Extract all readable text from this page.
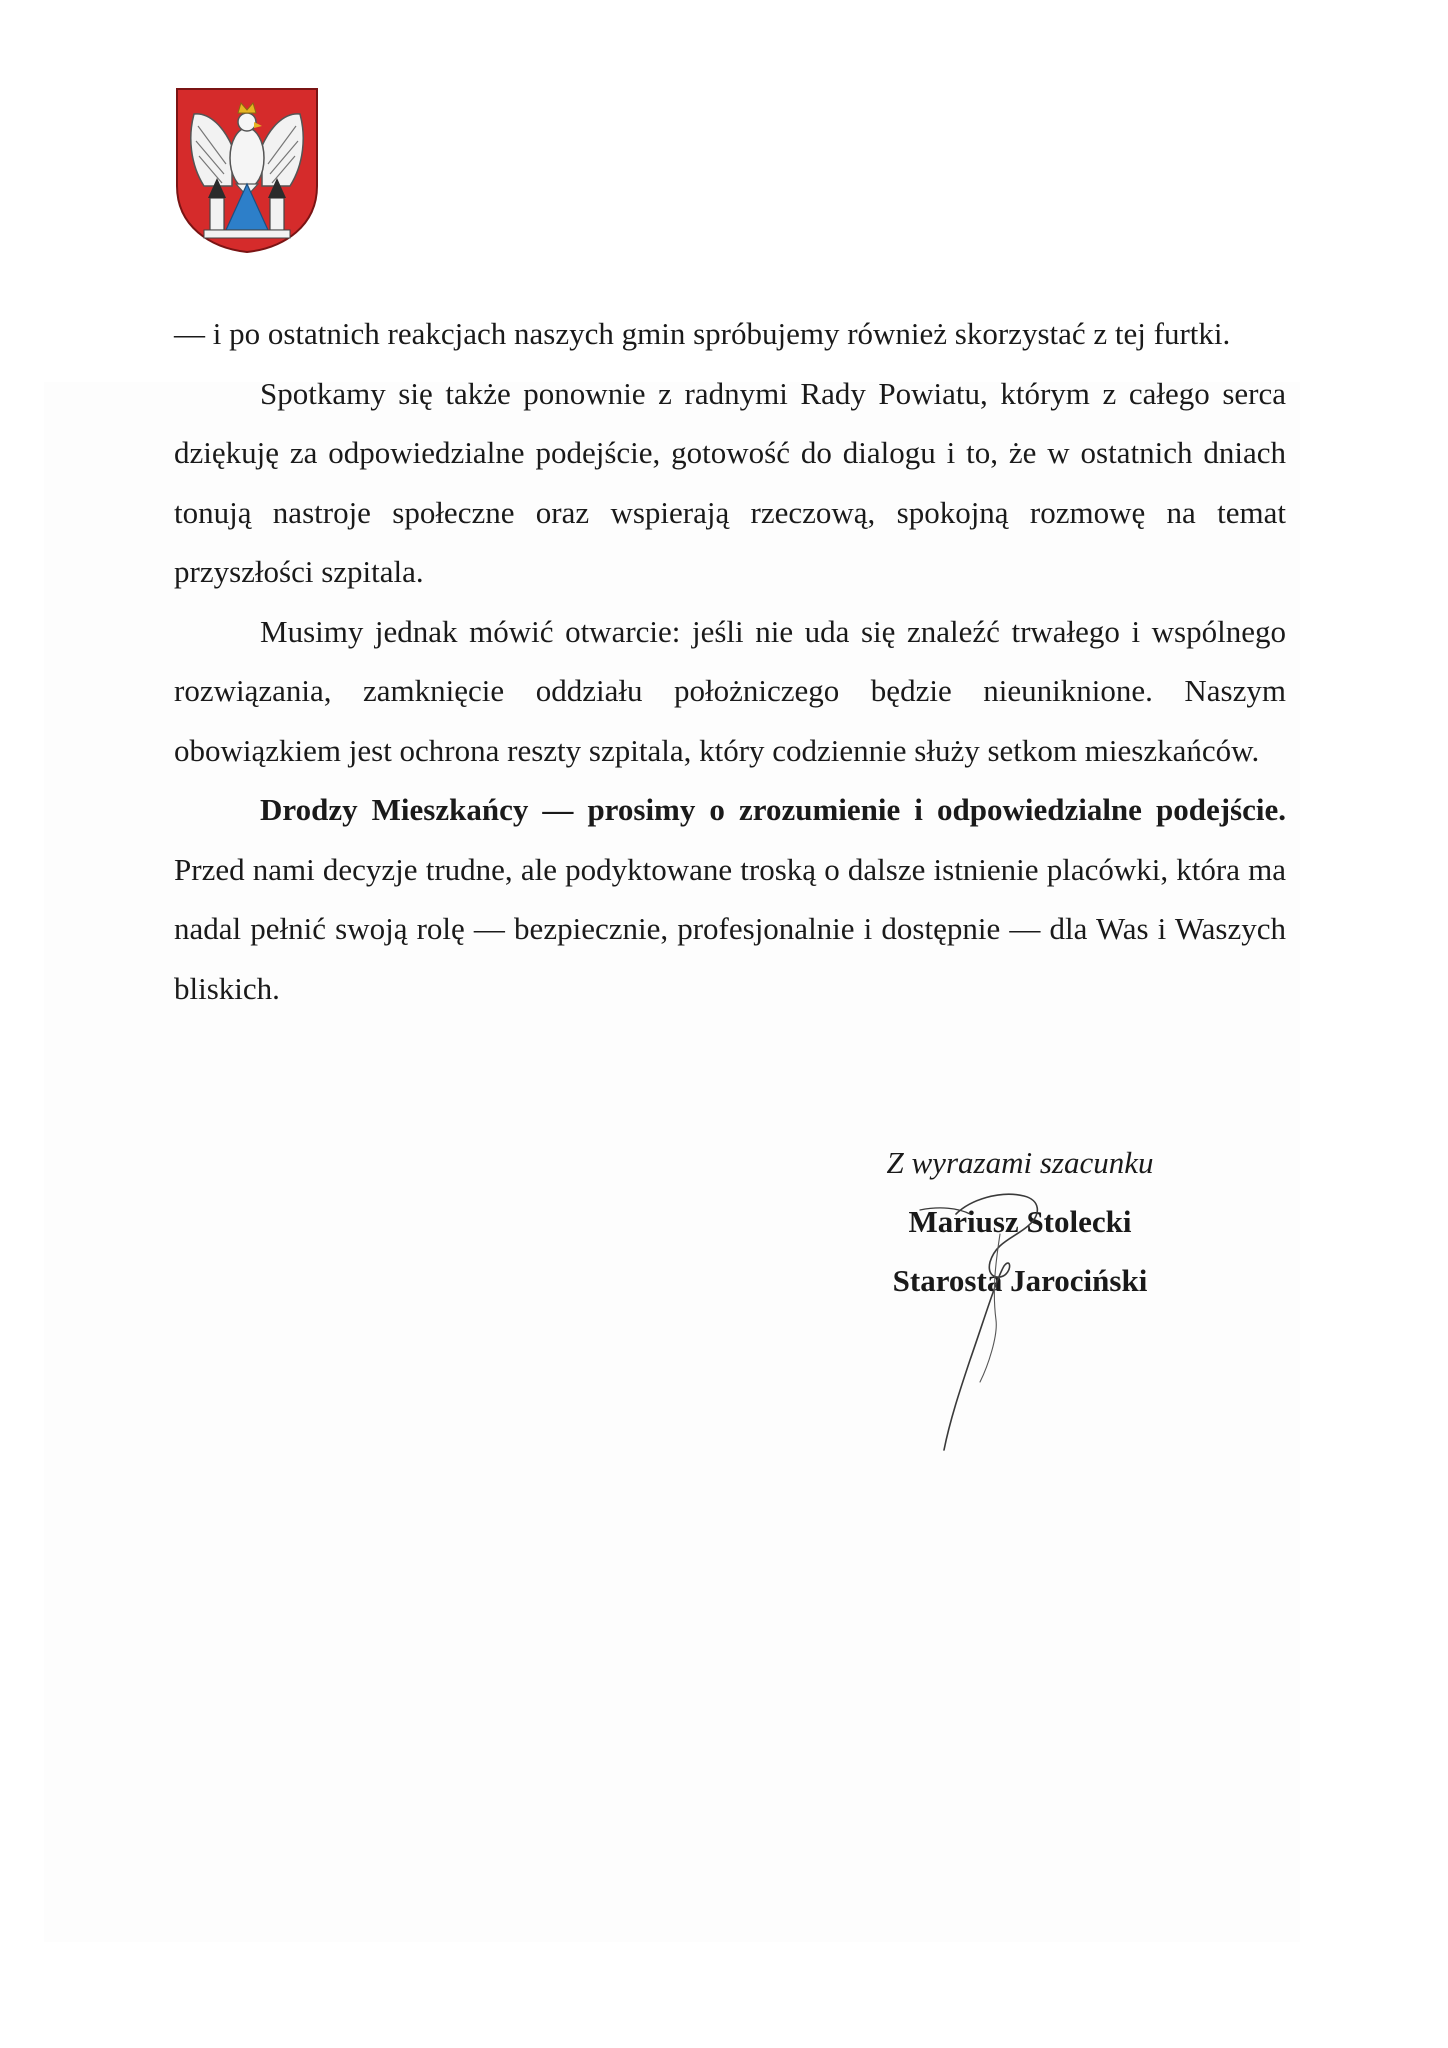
— i po ostatnich reakcjach naszych gmin spróbujemy również skorzystać z tej furtki.

Spotkamy się także ponownie z radnymi Rady Powiatu, którym z całego serca dziękuję za odpowiedzialne podejście, gotowość do dialogu i to, że w ostatnich dniach tonują nastroje społeczne oraz wspierają rzeczową, spokojną rozmowę na temat przyszłości szpitala.

Musimy jednak mówić otwarcie: jeśli nie uda się znaleźć trwałego i wspólnego rozwiązania, zamknięcie oddziału położniczego będzie nieuniknione. Naszym obowiązkiem jest ochrona reszty szpitala, który codziennie służy setkom mieszkańców.

Drodzy Mieszkańcy — prosimy o zrozumienie i odpowiedzialne podejście. Przed nami decyzje trudne, ale podyktowane troską o dalsze istnienie placówki, która ma nadal pełnić swoją rolę — bezpiecznie, profesjonalnie i dostępnie — dla Was i Waszych bliskich.

Z wyrazami szacunku
Mariusz Stolecki
Starosta Jarociński
